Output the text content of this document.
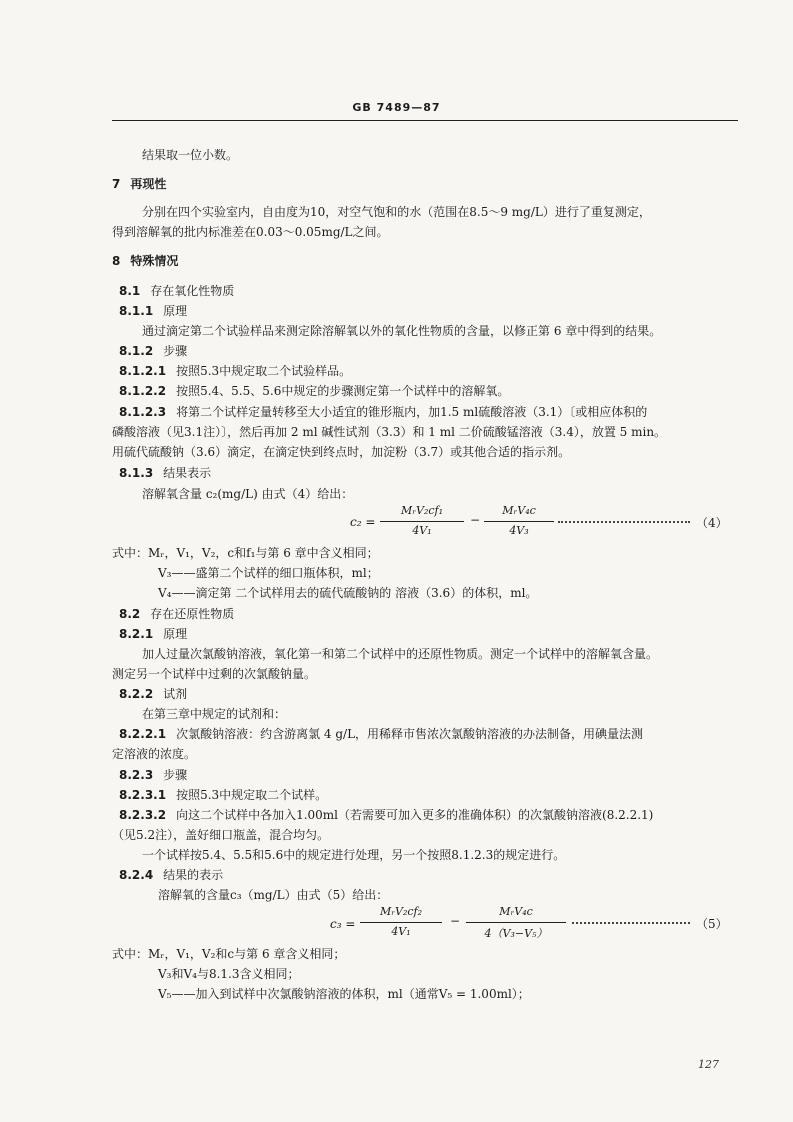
GB 7489—87
结果取一位小数。
7 再现性
分别在四个实验室内，自由度为10，对空气饱和的水（范围在8.5～9 mg/L）进行了重复测定，
得到溶解氧的批内标准差在0.03～0.05mg/L之间。
8 特殊情况
8.1 存在氧化性物质
8.1.1 原理
通过滴定第二个试验样品来测定除溶解氧以外的氧化性物质的含量，以修正第 6 章中得到的结果。
8.1.2 步骤
8.1.2.1 按照5.3中规定取二个试验样品。
8.1.2.2 按照5.4、5.5、5.6中规定的步骤测定第一个试样中的溶解氧。
8.1.2.3 将第二个试样定量转移至大小适宜的锥形瓶内，加1.5 ml硫酸溶液（3.1）〔或相应体积的
磷酸溶液（见3.1注）〕，然后再加 2 ml 碱性试剂（3.3）和 1 ml 二价硫酸锰溶液（3.4），放置 5 min。
用硫代硫酸钠（3.6）滴定，在滴定快到终点时，加淀粉（3.7）或其他合适的指示剂。
8.1.3 结果表示
溶解氧含量 c₂(mg/L) 由式（4）给出：
c₂ =
MᵣV₂cf₁
4V₁
−
MᵣV₄c
4V₃
（4）
式中：Mᵣ，V₁，V₂，c和f₁与第 6 章中含义相同；
V₃——盛第二个试样的细口瓶体积，ml；
V₄——滴定第 二个试样用去的硫代硫酸钠的 溶液（3.6）的体积，ml。
8.2 存在还原性物质
8.2.1 原理
加人过量次氯酸钠溶液，氧化第一和第二个试样中的还原性物质。测定一个试样中的溶解氧含量。
测定另一个试样中过剩的次氯酸钠量。
8.2.2 试剂
在第三章中规定的试剂和：
8.2.2.1 次氯酸钠溶液：约含游离氯 4 g/L，用稀释市售浓次氯酸钠溶液的办法制备，用碘量法测
定溶液的浓度。
8.2.3 步骤
8.2.3.1 按照5.3中规定取二个试样。
8.2.3.2 向这二个试样中各加入1.00ml（若需要可加入更多的准确体积）的次氯酸钠溶液(8.2.2.1)
（见5.2注），盖好细口瓶盖，混合均匀。
一个试样按5.4、5.5和5.6中的规定进行处理，另一个按照8.1.2.3的规定进行。
8.2.4 结果的表示
溶解氧的含量c₃（mg/L）由式（5）给出：
c₃ =
MᵣV₂cf₂
4V₁
−
MᵣV₄c
4（V₃−V₅）
（5）
式中：Mᵣ，V₁，V₂和c与第 6 章含义相同；
V₃和V₄与8.1.3含义相同；
V₅——加入到试样中次氯酸钠溶液的体积，ml（通常V₅ = 1.00ml）；
127
